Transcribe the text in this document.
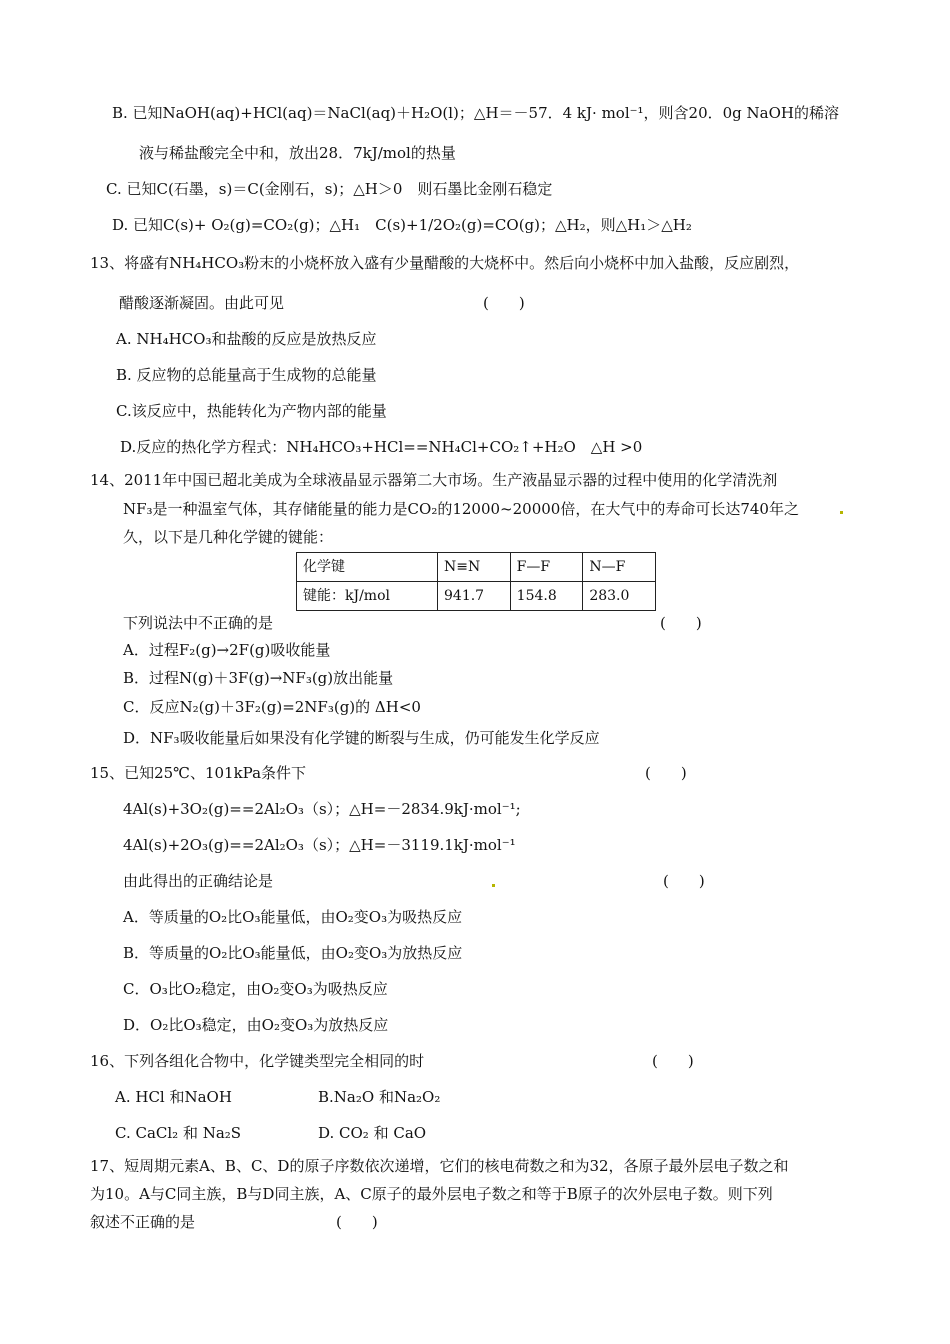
B. 已知NaOH(aq)+HCl(aq)＝NaCl(aq)＋H₂O(l)；△H＝－57．4 kJ· mol⁻¹，则含20．0g NaOH的稀溶
液与稀盐酸完全中和，放出28．7kJ/mol的热量
C. 已知C(石墨，s)＝C(金刚石，s)；△H＞0　则石墨比金刚石稳定
D. 已知C(s)+ O₂(g)=CO₂(g)；△H₁　C(s)+1/2O₂(g)=CO(g)；△H₂，则△H₁＞△H₂
13、将盛有NH₄HCO₃粉末的小烧杯放入盛有少量醋酸的大烧杯中。然后向小烧杯中加入盐酸，反应剧烈，
醋酸逐渐凝固。由此可见	(　　)
A. NH₄HCO₃和盐酸的反应是放热反应
B. 反应物的总能量高于生成物的总能量
C.该反应中，热能转化为产物内部的能量
D.反应的热化学方程式：NH₄HCO₃+HCl==NH₄Cl+CO₂↑+H₂O　△H >0
14、2011年中国已超北美成为全球液晶显示器第二大市场。生产液晶显示器的过程中使用的化学清洗剂
NF₃是一种温室气体，其存储能量的能力是CO₂的12000~20000倍，在大气中的寿命可长达740年之
久，以下是几种化学键的键能：
化学键	N≡N	F—F	N—F
键能：kJ/mol	941.7	154.8	283.0
下列说法中不正确的是	(　　)
A．过程F₂(g)→2F(g)吸收能量
B．过程N(g)＋3F(g)→NF₃(g)放出能量
C．反应N₂(g)＋3F₂(g)=2NF₃(g)的 ΔH<0
D．NF₃吸收能量后如果没有化学键的断裂与生成，仍可能发生化学反应
15、已知25℃、101kPa条件下	(　　)
4Al(s)+3O₂(g)==2Al₂O₃（s）；△H=－2834.9kJ·mol⁻¹;
4Al(s)+2O₃(g)==2Al₂O₃（s）；△H=－3119.1kJ·mol⁻¹
由此得出的正确结论是	(　　)
A．等质量的O₂比O₃能量低，由O₂变O₃为吸热反应
B．等质量的O₂比O₃能量低，由O₂变O₃为放热反应
C．O₃比O₂稳定，由O₂变O₃为吸热反应
D．O₂比O₃稳定，由O₂变O₃为放热反应
16、下列各组化合物中，化学键类型完全相同的时	(　　)
A. HCl 和NaOH	B.Na₂O 和Na₂O₂
C. CaCl₂ 和 Na₂S	D. CO₂ 和 CaO
17、短周期元素A、B、C、D的原子序数依次递增，它们的核电荷数之和为32，各原子最外层电子数之和
为10。A与C同主族，B与D同主族，A、C原子的最外层电子数之和等于B原子的次外层电子数。则下列
叙述不正确的是	(　　)
